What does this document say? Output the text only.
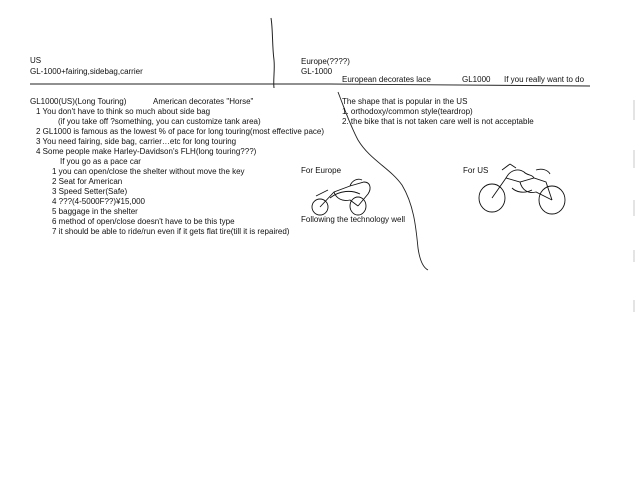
US
GL-1000+fairing,sidebag,carrier
Europe(????)
GL-1000
European decorates lace	GL1000 If you really want to do
GL1000(US)(Long Touring)	American decorates "Horse"
1 You don't have to think so much about side bag
(if you take off ?something, you can customize tank area)
2 GL1000 is famous as the lowest % of pace for long touring(most effective pace)
3 You need fairing, side bag, carrier…etc for long touring
4 Some people make Harley-Davidson's FLH(long touring???)
If you go as a pace car
1 you can open/close the shelter without move the key
2 Seat for American
3 Speed Setter(Safe)
4 ???(4-5000F??)¥15,000
5 baggage in the shelter
6 method of open/close doesn't have to be this type
7 it should be able to ride/run even if it gets flat tire(till it is repaired)
The shape that is popular in the US
1. orthodoxy/common style(teardrop)
2. the bike that is not taken care well is not acceptable
For Europe	For US
Following the technology well
